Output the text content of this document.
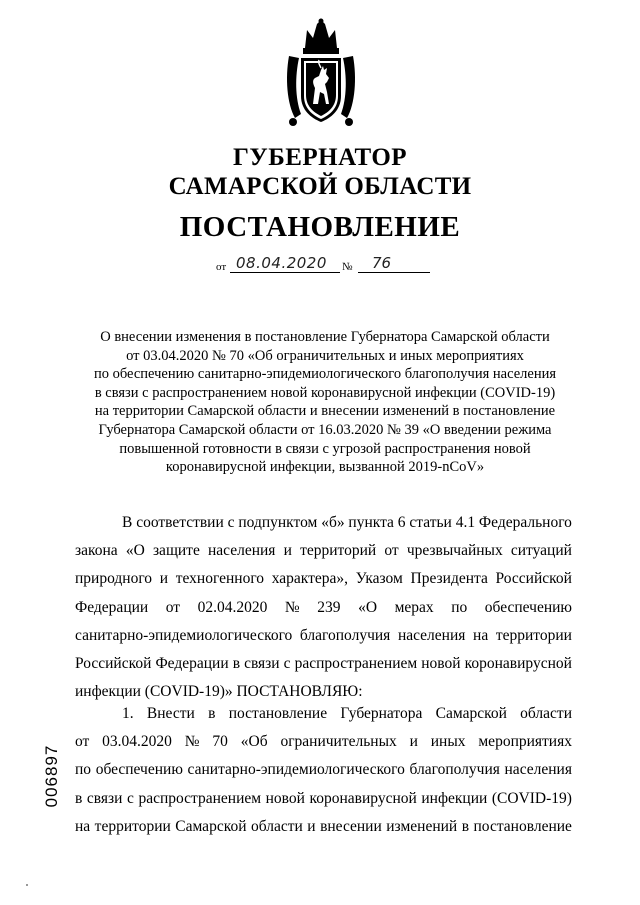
ГУБЕРНАТОР
САМАРСКОЙ ОБЛАСТИ
ПОСТАНОВЛЕНИЕ
от 08.04.2020 № 76
О внесении изменения в постановление Губернатора Самарской области
от 03.04.2020 № 70 «Об ограничительных и иных мероприятиях
по обеспечению санитарно-эпидемиологического благополучия населения
в связи с распространением новой коронавирусной инфекции (COVID-19)
на территории Самарской области и внесении изменений в постановление
Губернатора Самарской области от 16.03.2020 № 39 «О введении режима
повышенной готовности в связи с угрозой распространения новой
коронавирусной инфекции, вызванной 2019-nCoV»
В соответствии с подпунктом «б» пункта 6 статьи 4.1 Федерального
закона «О защите населения и территорий от чрезвычайных ситуаций
природного и техногенного характера», Указом Президента Российской
Федерации от 02.04.2020 № 239 «О мерах по обеспечению
санитарно-эпидемиологического благополучия населения на территории
Российской Федерации в связи с распространением новой коронавирусной
инфекции (COVID-19)» ПОСТАНОВЛЯЮ:
1. Внести в постановление Губернатора Самарской области
от 03.04.2020 № 70 «Об ограничительных и иных мероприятиях
по обеспечению санитарно-эпидемиологического благополучия населения
в связи с распространением новой коронавирусной инфекции (COVID-19)
на территории Самарской области и внесении изменений в постановление
006897
